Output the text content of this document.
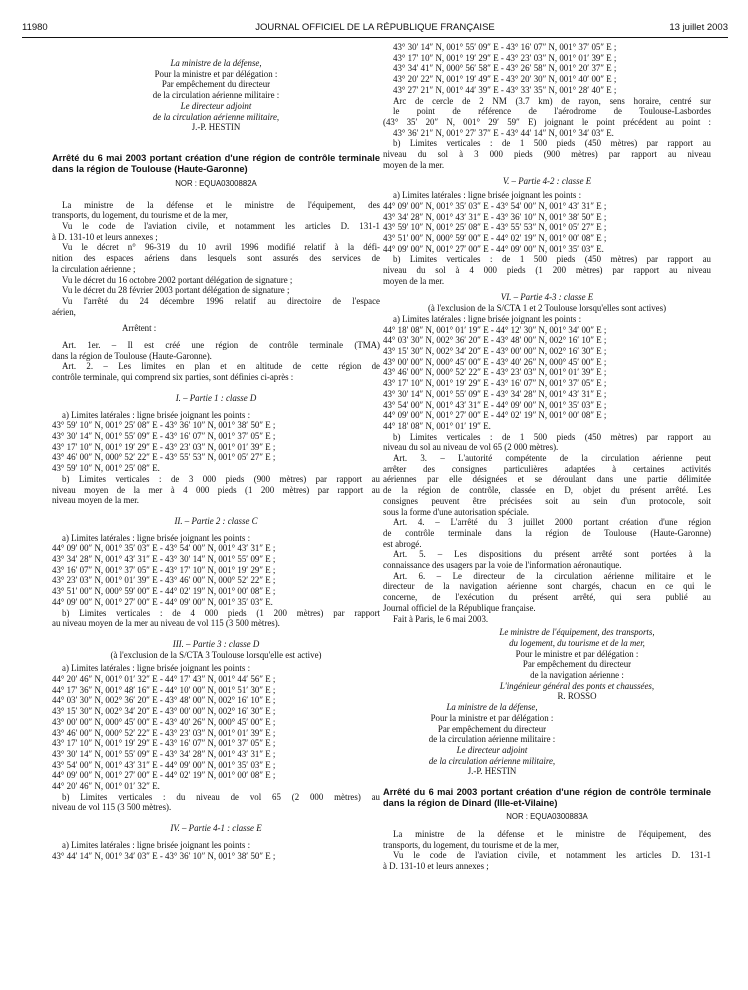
11980	JOURNAL OFFICIEL DE LA RÉPUBLIQUE FRANÇAISE	13 juillet 2003
La ministre de la défense,
Pour la ministre et par délégation :
Par empêchement du directeur
de la circulation aérienne militaire :
Le directeur adjoint
de la circulation aérienne militaire,
J.-P. HESTIN
Arrêté du 6 mai 2003 portant création d'une région de contrôle terminale dans la région de Toulouse (Haute-Garonne)
NOR : EQUA0300882A
La ministre de la défense et le ministre de l'équipement, des
transports, du logement, du tourisme et de la mer,
Vu le code de l'aviation civile, et notamment les articles D. 131-1
à D. 131-10 et leurs annexes ;
Vu le décret n° 96-319 du 10 avril 1996 modifié relatif à la défi-
nition des espaces aériens dans lesquels sont assurés des services de
la circulation aérienne ;
Vu le décret du 16 octobre 2002 portant délégation de signature ;
Vu le décret du 28 février 2003 portant délégation de signature ;
Vu l'arrêté du 24 décembre 1996 relatif au directoire de l'espace
aérien,
Arrêtent :
Art. 1er. – Il est créé une région de contrôle terminale (TMA)
dans la région de Toulouse (Haute-Garonne).
Art. 2. – Les limites en plan et en altitude de cette région de
contrôle terminale, qui comprend six parties, sont définies ci-après :
I. – Partie 1 : classe D
a) Limites latérales : ligne brisée joignant les points :
43° 59′ 10″ N, 001° 25′ 08″ E - 43° 36′ 10″ N, 001° 38′ 50″ E ;
43° 30′ 14″ N, 001° 55′ 09″ E - 43° 16′ 07″ N, 001° 37′ 05″ E ;
43° 17′ 10″ N, 001° 19′ 29″ E - 43° 23′ 03″ N, 001° 01′ 39″ E ;
43° 46′ 00″ N, 000° 52′ 22″ E - 43° 55′ 53″ N, 001° 05′ 27″ E ;
43° 59′ 10″ N, 001° 25′ 08″ E.
b) Limites verticales : de 3 000 pieds (900 mètres) par rapport au
niveau moyen de la mer à 4 000 pieds (1 200 mètres) par rapport au
niveau moyen de la mer.
II. – Partie 2 : classe C
a) Limites latérales : ligne brisée joignant les points :
44° 09′ 00″ N, 001° 35′ 03″ E - 43° 54′ 00″ N, 001° 43′ 31″ E ;
43° 34′ 28″ N, 001° 43′ 31″ E - 43° 30′ 14″ N, 001° 55′ 09″ E ;
43° 16′ 07″ N, 001° 37′ 05″ E - 43° 17′ 10″ N, 001° 19′ 29″ E ;
43° 23′ 03″ N, 001° 01′ 39″ E - 43° 46′ 00″ N, 000° 52′ 22″ E ;
43° 51′ 00″ N, 000° 59′ 00″ E - 44° 02′ 19″ N, 001° 00′ 08″ E ;
44° 09′ 00″ N, 001° 27′ 00″ E - 44° 09′ 00″ N, 001° 35′ 03″ E.
b) Limites verticales : de 4 000 pieds (1 200 mètres) par rapport
au niveau moyen de la mer au niveau de vol 115 (3 500 mètres).
III. – Partie 3 : classe D
(à l'exclusion de la S/CTA 3 Toulouse lorsqu'elle est active)
a) Limites latérales : ligne brisée joignant les points :
44° 20′ 46″ N, 001° 01′ 32″ E - 44° 17′ 43″ N, 001° 44′ 56″ E ;
44° 17′ 36″ N, 001° 48′ 16″ E - 44° 10′ 00″ N, 001° 51′ 30″ E ;
44° 03′ 30″ N, 002° 36′ 20″ E - 43° 48′ 00″ N, 002° 16′ 10″ E ;
43° 15′ 30″ N, 002° 34′ 20″ E - 43° 00′ 00″ N, 002° 16′ 30″ E ;
43° 00′ 00″ N, 000° 45′ 00″ E - 43° 40′ 26″ N, 000° 45′ 00″ E ;
43° 46′ 00″ N, 000° 52′ 22″ E - 43° 23′ 03″ N, 001° 01′ 39″ E ;
43° 17′ 10″ N, 001° 19′ 29″ E - 43° 16′ 07″ N, 001° 37′ 05″ E ;
43° 30′ 14″ N, 001° 55′ 09″ E - 43° 34′ 28″ N, 001° 43′ 31″ E ;
43° 54′ 00″ N, 001° 43′ 31″ E - 44° 09′ 00″ N, 001° 35′ 03″ E ;
44° 09′ 00″ N, 001° 27′ 00″ E - 44° 02′ 19″ N, 001° 00′ 08″ E ;
44° 20′ 46″ N, 001° 01′ 32″ E.
b) Limites verticales : du niveau de vol 65 (2 000 mètres) au
niveau de vol 115 (3 500 mètres).
IV. – Partie 4-1 : classe E
a) Limites latérales : ligne brisée joignant les points :
43° 44′ 14″ N, 001° 34′ 03″ E - 43° 36′ 10″ N, 001° 38′ 50″ E ;
43° 30′ 14″ N, 001° 55′ 09″ E - 43° 16′ 07″ N, 001° 37′ 05″ E ;
43° 17′ 10″ N, 001° 19′ 29″ E - 43° 23′ 03″ N, 001° 01′ 39″ E ;
43° 34′ 41″ N, 000° 56′ 58″ E - 43° 26′ 58″ N, 001° 20′ 37″ E ;
43° 20′ 22″ N, 001° 19′ 49″ E - 43° 20′ 30″ N, 001° 40′ 00″ E ;
43° 27′ 21″ N, 001° 44′ 39″ E - 43° 33′ 35″ N, 001° 28′ 40″ E ;
Arc de cercle de 2 NM (3.7 km) de rayon, sens horaire, centré sur
le point de référence de l'aérodrome de Toulouse-Lasbordes
(43° 35′ 20″ N, 001° 29′ 59″ E) joignant le point précédent au point :
43° 36′ 21″ N, 001° 27′ 37″ E - 43° 44′ 14″ N, 001° 34′ 03″ E.
b) Limites verticales : de 1 500 pieds (450 mètres) par rapport au
niveau du sol à 3 000 pieds (900 mètres) par rapport au niveau
moyen de la mer.
V. – Partie 4-2 : classe E
a) Limites latérales : ligne brisée joignant les points :
44° 09′ 00″ N, 001° 35′ 03″ E - 43° 54′ 00″ N, 001° 43′ 31″ E ;
43° 34′ 28″ N, 001° 43′ 31″ E - 43° 36′ 10″ N, 001° 38′ 50″ E ;
43° 59′ 10″ N, 001° 25′ 08″ E - 43° 55′ 53″ N, 001° 05′ 27″ E ;
43° 51′ 00″ N, 000° 59′ 00″ E - 44° 02′ 19″ N, 001° 00′ 08″ E ;
44° 09′ 00″ N, 001° 27′ 00″ E - 44° 09′ 00″ N, 001° 35′ 03″ E.
b) Limites verticales : de 1 500 pieds (450 mètres) par rapport au
niveau du sol à 4 000 pieds (1 200 mètres) par rapport au niveau
moyen de la mer.
VI. – Partie 4-3 : classe E
(à l'exclusion de la S/CTA 1 et 2 Toulouse lorsqu'elles sont actives)
a) Limites latérales : ligne brisée joignant les points :
44° 18′ 08″ N, 001° 01′ 19″ E - 44° 12′ 30″ N, 001° 34′ 00″ E ;
44° 03′ 30″ N, 002° 36′ 20″ E - 43° 48′ 00″ N, 002° 16′ 10″ E ;
43° 15′ 30″ N, 002° 34′ 20″ E - 43° 00′ 00″ N, 002° 16′ 30″ E ;
43° 00′ 00″ N, 000° 45′ 00″ E - 43° 40′ 26″ N, 000° 45′ 00″ E ;
43° 46′ 00″ N, 000° 52′ 22″ E - 43° 23′ 03″ N, 001° 01′ 39″ E ;
43° 17′ 10″ N, 001° 19′ 29″ E - 43° 16′ 07″ N, 001° 37′ 05″ E ;
43° 30′ 14″ N, 001° 55′ 09″ E - 43° 34′ 28″ N, 001° 43′ 31″ E ;
43° 54′ 00″ N, 001° 43′ 31″ E - 44° 09′ 00″ N, 001° 35′ 03″ E ;
44° 09′ 00″ N, 001° 27′ 00″ E - 44° 02′ 19″ N, 001° 00′ 08″ E ;
44° 18′ 08″ N, 001° 01′ 19″ E.
b) Limites verticales : de 1 500 pieds (450 mètres) par rapport au
niveau du sol au niveau de vol 65 (2 000 mètres).
Art. 3. – L'autorité compétente de la circulation aérienne peut
arrêter des consignes particulières adaptées à certaines activités
aériennes par elle désignées et se déroulant dans une partie délimitée
de la région de contrôle, classée en D, objet du présent arrêté. Les
consignes peuvent être précisées soit au sein d'un protocole, soit
sous la forme d'une autorisation spéciale.
Art. 4. – L'arrêté du 3 juillet 2000 portant création d'une région
de contrôle terminale dans la région de Toulouse (Haute-Garonne)
est abrogé.
Art. 5. – Les dispositions du présent arrêté sont portées à la
connaissance des usagers par la voie de l'information aéronautique.
Art. 6. – Le directeur de la circulation aérienne militaire et le
directeur de la navigation aérienne sont chargés, chacun en ce qui le
concerne, de l'exécution du présent arrêté, qui sera publié au
Journal officiel de la République française.
Fait à Paris, le 6 mai 2003.
Le ministre de l'équipement, des transports,
du logement, du tourisme et de la mer,
Pour le ministre et par délégation :
Par empêchement du directeur
de la navigation aérienne :
L'ingénieur général des ponts et chaussées,
R. ROSSO
La ministre de la défense,
Pour la ministre et par délégation :
Par empêchement du directeur
de la circulation aérienne militaire :
Le directeur adjoint
de la circulation aérienne militaire,
J.-P. HESTIN
Arrêté du 6 mai 2003 portant création d'une région de contrôle terminale dans la région de Dinard (Ille-et-Vilaine)
NOR : EQUA0300883A
La ministre de la défense et le ministre de l'équipement, des
transports, du logement, du tourisme et de la mer,
Vu le code de l'aviation civile, et notamment les articles D. 131-1
à D. 131-10 et leurs annexes ;
